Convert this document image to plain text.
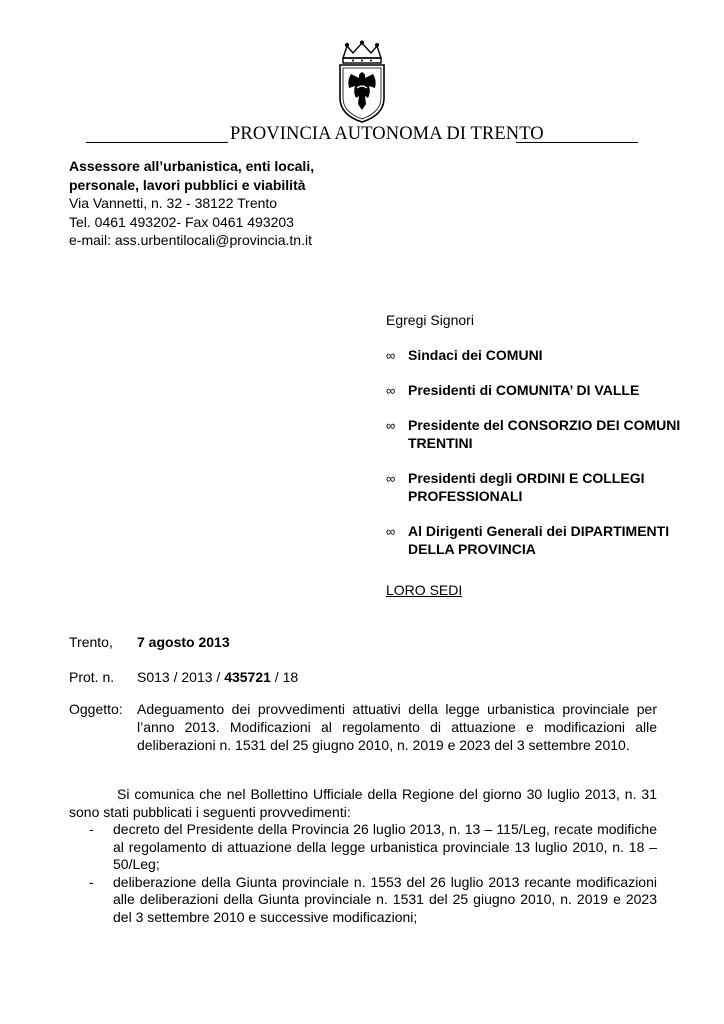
PROVINCIA AUTONOMA DI TRENTO
Assessore all’urbanistica, enti locali,
personale, lavori pubblici e viabilità
Via Vannetti, n. 32 - 38122 Trento
Tel. 0461 493202- Fax 0461 493203
e-mail: ass.urbentilocali@provincia.tn.it
Egregi Signori
∞ Sindaci dei COMUNI
∞ Presidenti di COMUNITA’ DI VALLE
∞ Presidente del CONSORZIO DEI COMUNI TRENTINI
∞ Presidenti degli ORDINI E COLLEGI PROFESSIONALI
∞ Al Dirigenti Generali dei DIPARTIMENTI DELLA PROVINCIA
LORO SEDI
Trento, 7 agosto 2013
Prot. n. S013 / 2013 / 435721 / 18
Oggetto: Adeguamento dei provvedimenti attuativi della legge urbanistica provinciale per l’anno 2013. Modificazioni al regolamento di attuazione e modificazioni alle deliberazioni n. 1531 del 25 giugno 2010, n. 2019 e 2023 del 3 settembre 2010.
Si comunica che nel Bollettino Ufficiale della Regione del giorno 30 luglio 2013, n. 31 sono stati pubblicati i seguenti provvedimenti:
- decreto del Presidente della Provincia 26 luglio 2013, n. 13 – 115/Leg, recate modifiche al regolamento di attuazione della legge urbanistica provinciale 13 luglio 2010, n. 18 – 50/Leg;
- deliberazione della Giunta provinciale n. 1553 del 26 luglio 2013 recante modificazioni alle deliberazioni della Giunta provinciale n. 1531 del 25 giugno 2010, n. 2019 e 2023 del 3 settembre 2010 e successive modificazioni;
